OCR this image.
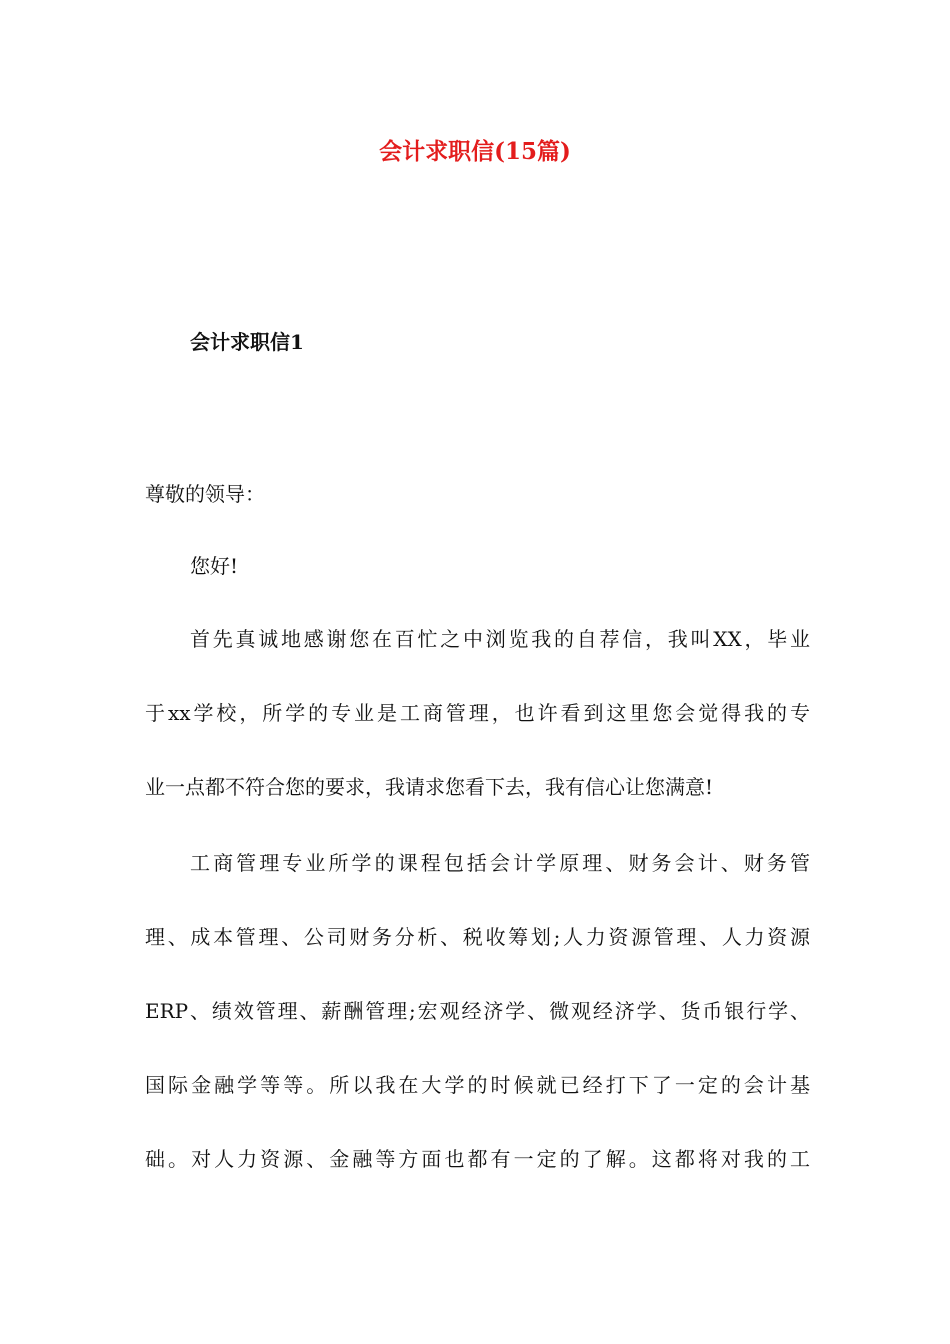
会计求职信(15篇)
会计求职信1

尊敬的领导：

您好!

首先真诚地感谢您在百忙之中浏览我的自荐信，我叫XX，毕业
于xx学校，所学的专业是工商管理，也许看到这里您会觉得我的专
业一点都不符合您的要求，我请求您看下去，我有信心让您满意!
工商管理专业所学的课程包括会计学原理、财务会计、财务管
理、成本管理、公司财务分析、税收筹划;人力资源管理、人力资源
ERP、绩效管理、薪酬管理;宏观经济学、微观经济学、货币银行学、
国际金融学等等。所以我在大学的时候就已经打下了一定的会计基
础。对人力资源、金融等方面也都有一定的了解。这都将对我的工
